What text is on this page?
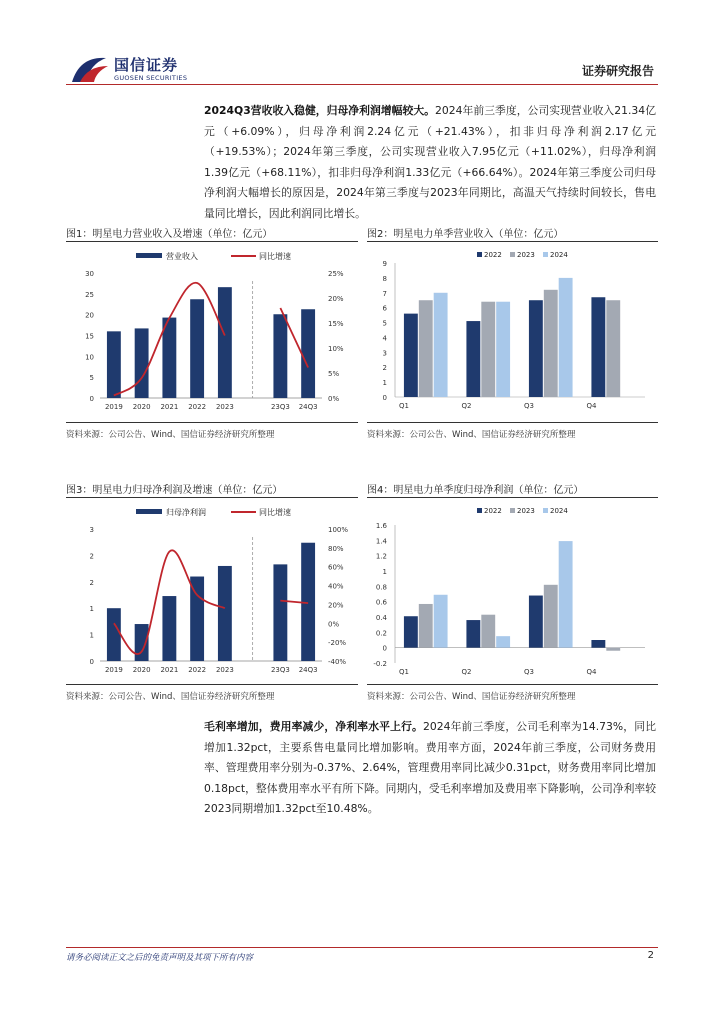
国信证券
GUOSEN SECURITIES	证券研究报告
2024Q3营收收入稳健，归母净利润增幅较大。2024年前三季度，公司实现营业收入21.34亿元（+6.09%），归母净利润2.24亿元（+21.43%），扣非归母净利润2.17亿元（+19.53%）；2024年第三季度，公司实现营业收入7.95亿元（+11.02%），归母净利润1.39亿元（+68.11%），扣非归母净利润1.33亿元（+66.64%）。2024年第三季度公司归母净利润大幅增长的原因是，2024年第三季度与2023年同期比，高温天气持续时间较长，售电量同比增长，因此利润同比增长。
图1：明星电力营业收入及增速（单位：亿元）
营业收入	同比增速
0
5
10
15
20
25
30
0%
5%
10%
15%
20%
25%
2019 2020 2021 2022 2023	23Q3 24Q3
资料来源：公司公告、Wind、国信证券经济研究所整理
图2：明星电力单季营业收入（单位：亿元）
2022 2023 2024
0
1
2
3
4
5
6
7
8
9
Q1	Q2	Q3	Q4
资料来源：公司公告、Wind、国信证券经济研究所整理
图3：明星电力归母净利润及增速（单位：亿元）
归母净利润	同比增速
0
1
1
2
2
3
-40%
-20%
0%
20%
40%
60%
80%
100%
2019 2020 2021 2022 2023	23Q3 24Q3
资料来源：公司公告、Wind、国信证券经济研究所整理
图4：明星电力单季度归母净利润（单位：亿元）
2022 2023 2024
-0.2
0
0.2
0.4
0.6
0.8
1
1.2
1.4
1.6
Q1	Q2	Q3	Q4
资料来源：公司公告、Wind、国信证券经济研究所整理
毛利率增加，费用率减少，净利率水平上行。2024年前三季度，公司毛利率为14.73%，同比增加1.32pct，主要系售电量同比增加影响。费用率方面，2024年前三季度，公司财务费用率、管理费用率分别为-0.37%、2.64%，管理费用率同比减少0.31pct，财务费用率同比增加0.18pct，整体费用率水平有所下降。同期内，受毛利率增加及费用率下降影响，公司净利率较2023同期增加1.32pct至10.48%。
请务必阅读正文之后的免责声明及其项下所有内容	2
